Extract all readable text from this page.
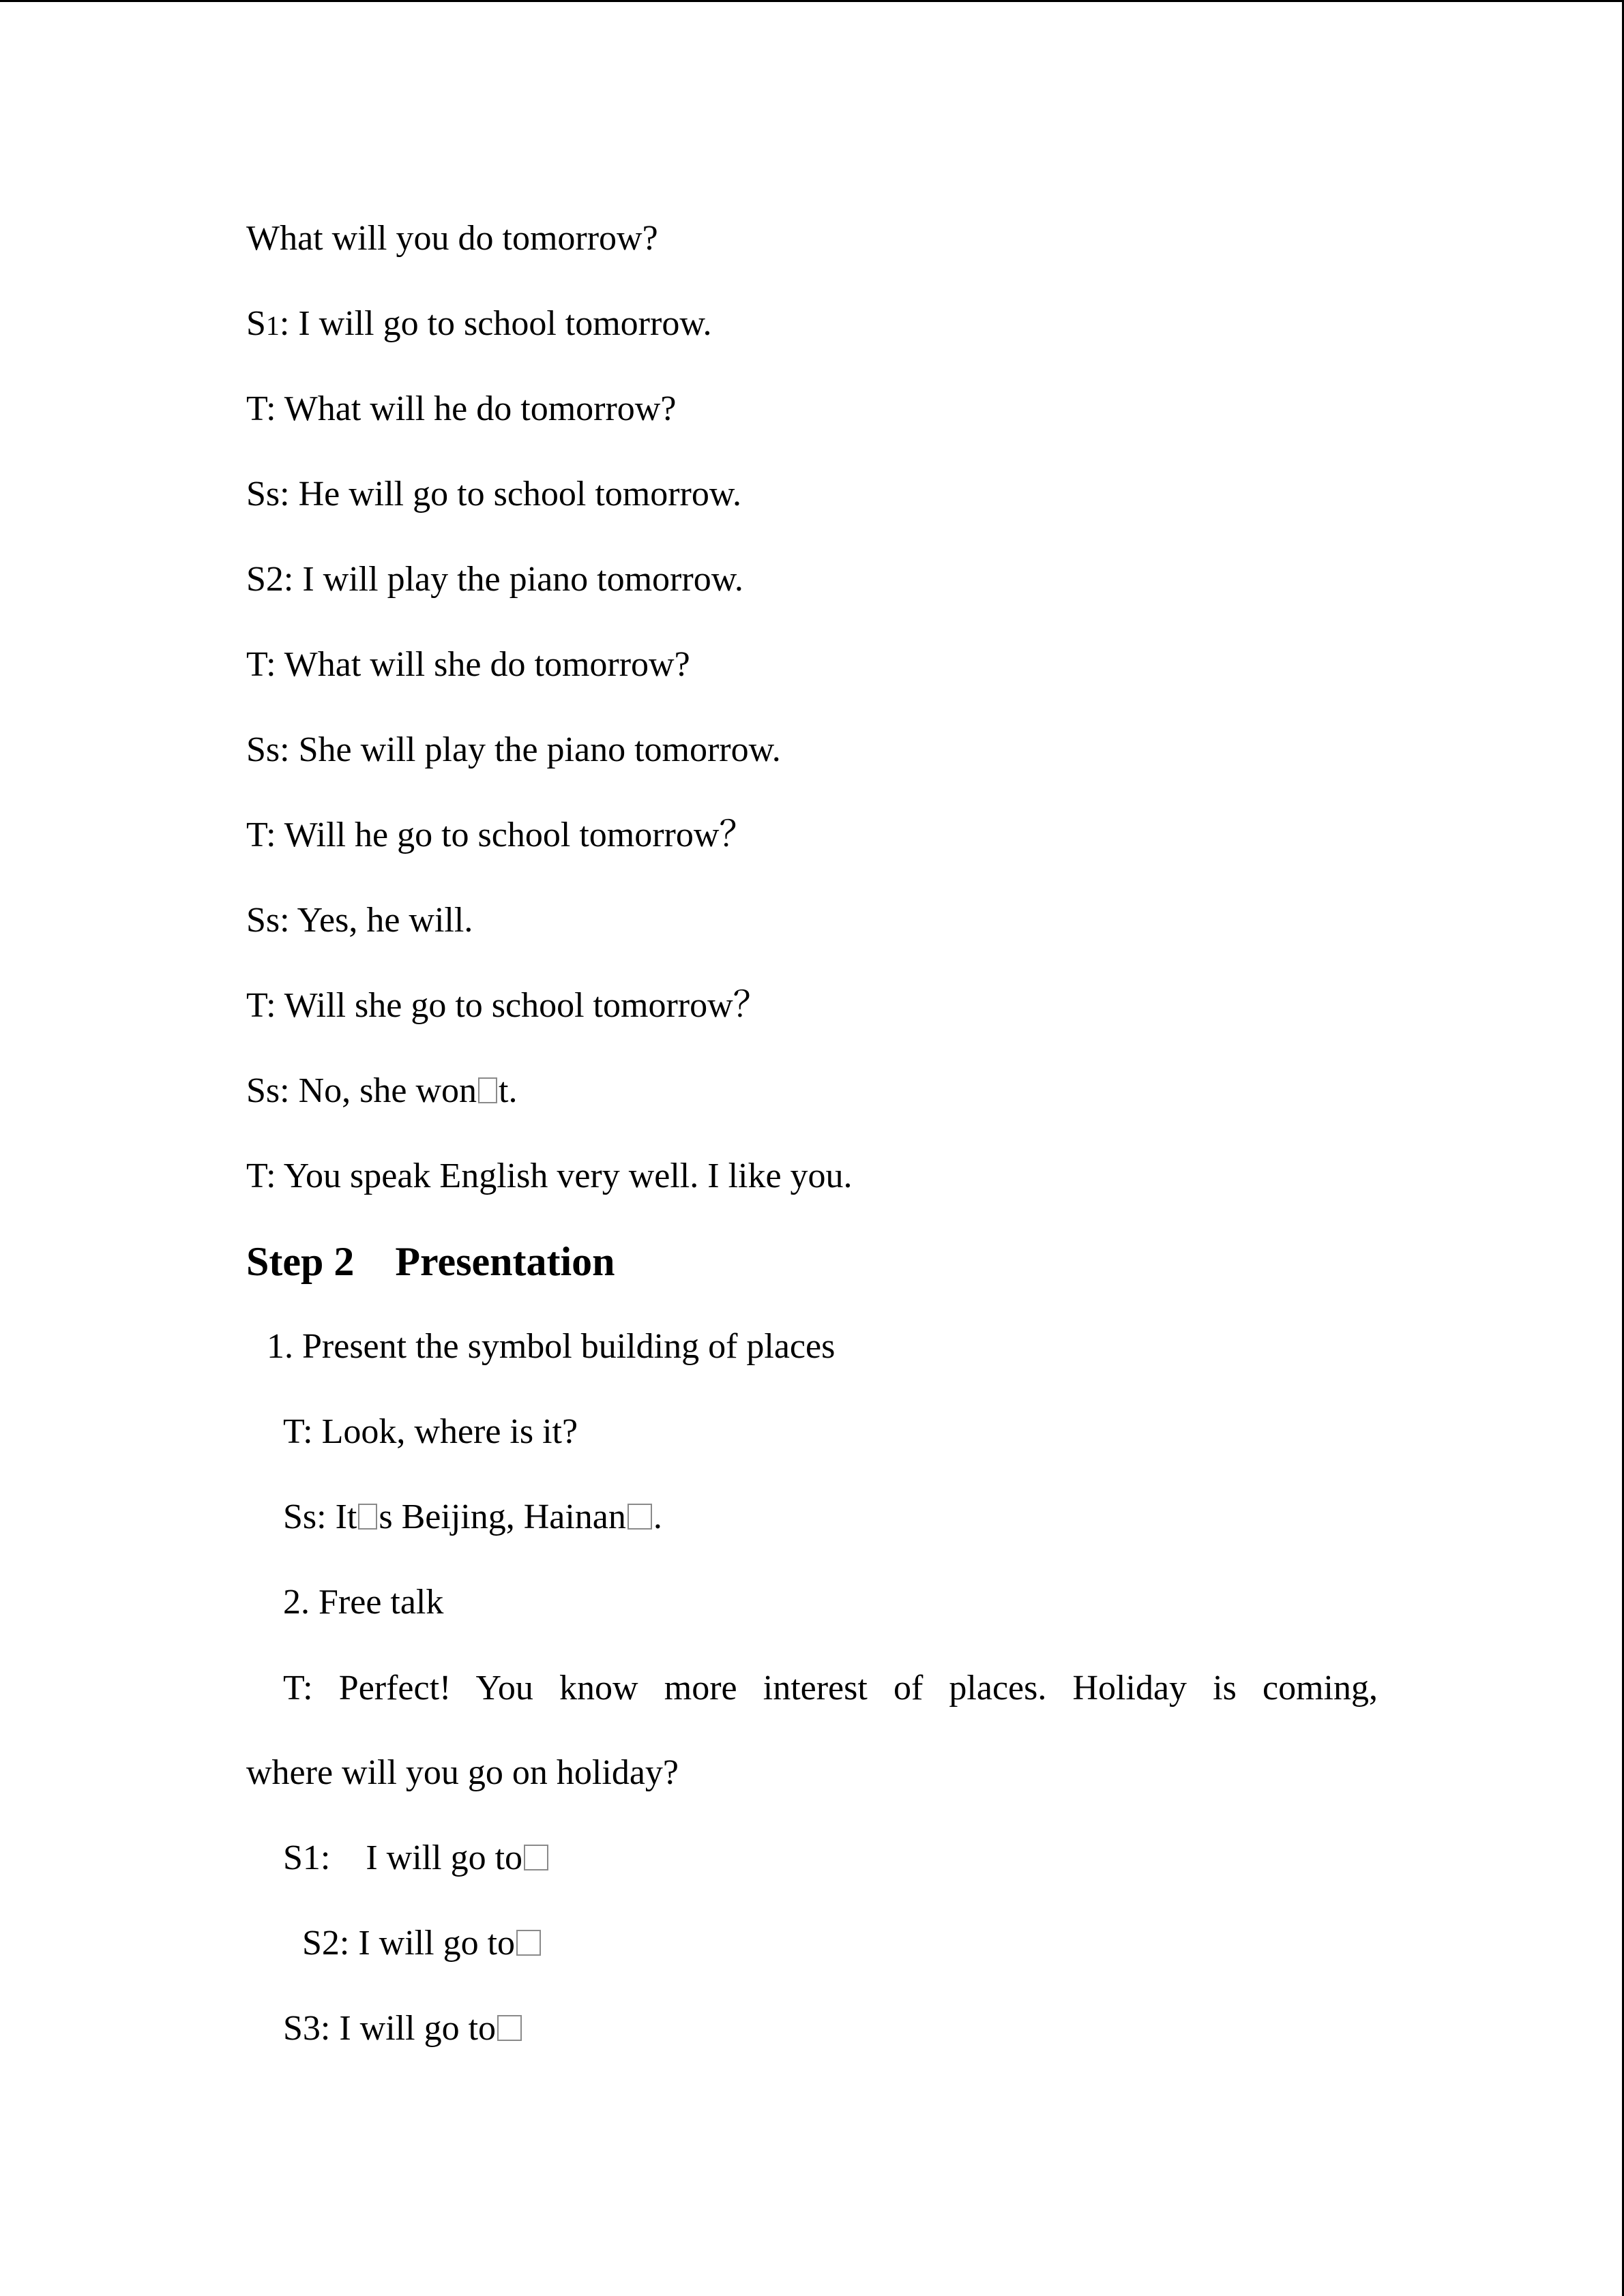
What will you do tomorrow?
S1: I will go to school tomorrow.
T: What will he do tomorrow?
Ss: He will go to school tomorrow.
S2: I will play the piano tomorrow.
T: What will she do tomorrow?
Ss: She will play the piano tomorrow.
T: Will he go to school tomorrow？
Ss: Yes, he will.
T: Will she go to school tomorrow？
Ss: No, she won t.
T: You speak English very well. I like you.
Step 2 Presentation
1. Present the symbol building of places
T: Look, where is it?
Ss: It s Beijing, Hainan .
2. Free talk
T: Perfect! You know more interest of places. Holiday is coming,
where will you go on holiday?
S1:    I will go to
S2: I will go to
S3: I will go to
